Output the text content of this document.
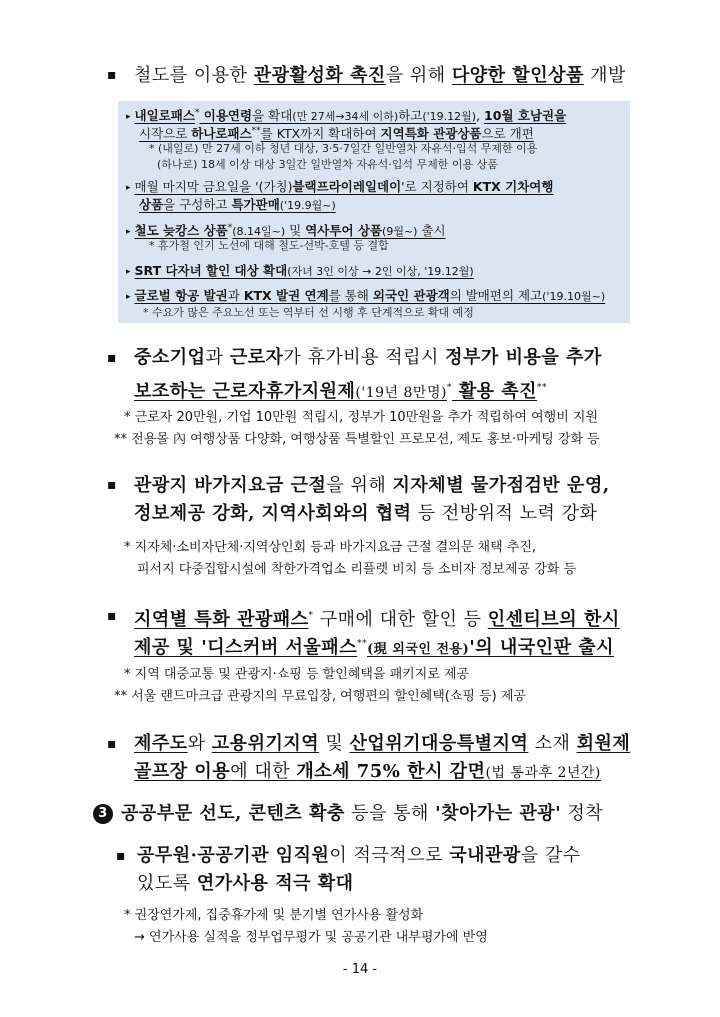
▪ 철도를 이용한 관광활성화 촉진을 위해 다양한 할인상품 개발
▸ 내일로패스* 이용연령을 확대(만 27세→34세 이하)하고('19.12월), 10월 호남권을
시작으로 하나로패스**를 KTX까지 확대하여 지역특화 관광상품으로 개편
* (내일로) 만 27세 이하 청년 대상, 3·5·7일간 일반열차 자유석·입석 무제한 이용
(하나로) 18세 이상 대상 3일간 일반열차 자유석·입석 무제한 이용 상품
▸ 매월 마지막 금요일을 '(가칭)블랙프라이레일데이'로 지정하여 KTX 기차여행
상품을 구성하고 특가판매('19.9월~)
▸ 철도 늦캉스 상품*(8.14일~) 및 역사투어 상품(9월~) 출시
* 휴가철 인기 노선에 대해 철도-선박-호텔 등 결합
▸ SRT 다자녀 할인 대상 확대(자녀 3인 이상 → 2인 이상, '19.12월)
▸ 글로벌 항공 발권과 KTX 발권 연계를 통해 외국인 관광객의 발매편의 제고('19.10월~)
* 수요가 많은 주요노선 또는 역부터 선 시행 후 단계적으로 확대 예정
▪ 중소기업과 근로자가 휴가비용 적립시 정부가 비용을 추가
보조하는 근로자휴가지원제('19년 8만명)* 활용 촉진**
* 근로자 20만원, 기업 10만원 적립시, 정부가 10만원을 추가 적립하여 여행비 지원
** 전용몰 內 여행상품 다양화, 여행상품 특별할인 프로모션, 제도 홍보·마케팅 강화 등
▪ 관광지 바가지요금 근절을 위해 지자체별 물가점검반 운영,
정보제공 강화, 지역사회와의 협력 등 전방위적 노력 강화
* 지자체·소비자단체·지역상인회 등과 바가지요금 근절 결의문 채택 추진,
피서지 다중집합시설에 착한가격업소 리플렛 비치 등 소비자 정보제공 강화 등
▪ 지역별 특화 관광패스* 구매에 대한 할인 등 인센티브의 한시
제공 및 '디스커버 서울패스**(現 외국인 전용)'의 내국인판 출시
* 지역 대중교통 및 관광지·쇼핑 등 할인혜택을 패키지로 제공
** 서울 랜드마크급 관광지의 무료입장, 여행편의 할인혜택(쇼핑 등) 제공
▪ 제주도와 고용위기지역 및 산업위기대응특별지역 소재 회원제
골프장 이용에 대한 개소세 75% 한시 감면(법 통과후 2년간)
3 공공부문 선도, 콘텐츠 확충 등을 통해 '찾아가는 관광' 정착
▪ 공무원·공공기관 임직원이 적극적으로 국내관광을 갈수
있도록 연가사용 적극 확대
* 권장연가제, 집중휴가제 및 분기별 연가사용 활성화
→ 연가사용 실적을 정부업무평가 및 공공기관 내부평가에 반영
- 14 -
